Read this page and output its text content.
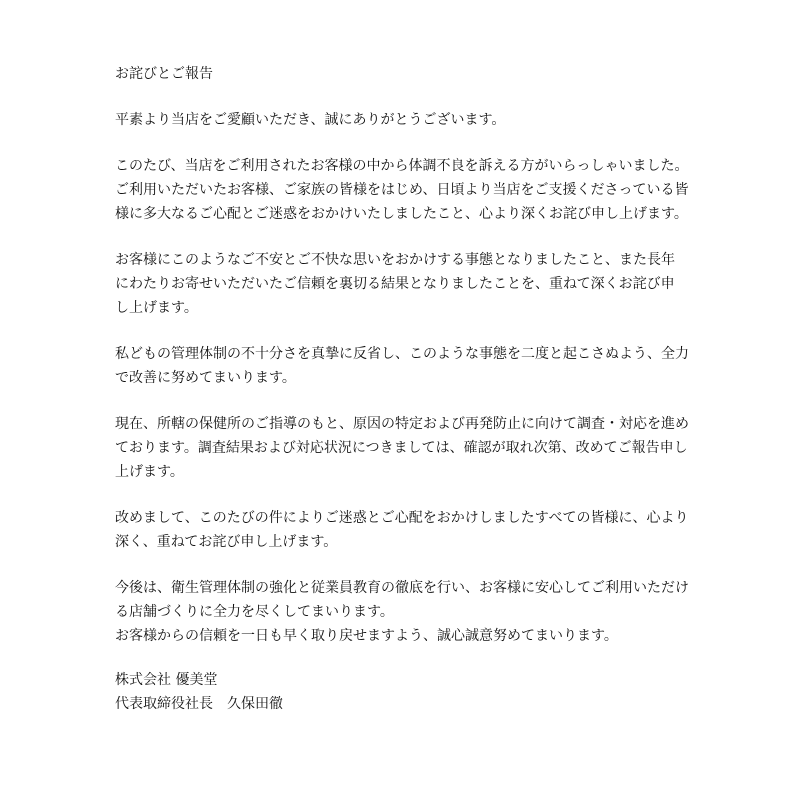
お詫びとご報告

平素より当店をご愛顧いただき、誠にありがとうございます。

このたび、当店をご利用されたお客様の中から体調不良を訴える方がいらっしゃいました。

ご利用いただいたお客様、ご家族の皆様をはじめ、日頃より当店をご支援くださっている皆

様に多大なるご心配とご迷惑をおかけいたしましたこと、心より深くお詫び申し上げます。

お客様にこのようなご不安とご不快な思いをおかけする事態となりましたこと、また長年

にわたりお寄せいただいたご信頼を裏切る結果となりましたことを、重ねて深くお詫び申

し上げます。

私どもの管理体制の不十分さを真摯に反省し、このような事態を二度と起こさぬよう、全力

で改善に努めてまいります。

現在、所轄の保健所のご指導のもと、原因の特定および再発防止に向けて調査・対応を進め

ております。調査結果および対応状況につきましては、確認が取れ次第、改めてご報告申し

上げます。

改めまして、このたびの件によりご迷惑とご心配をおかけしましたすべての皆様に、心より

深く、重ねてお詫び申し上げます。

今後は、衛生管理体制の強化と従業員教育の徹底を行い、お客様に安心してご利用いただけ

る店舗づくりに全力を尽くしてまいります。

お客様からの信頼を一日も早く取り戻せますよう、誠心誠意努めてまいります。

株式会社 優美堂

代表取締役社長　久保田徹
